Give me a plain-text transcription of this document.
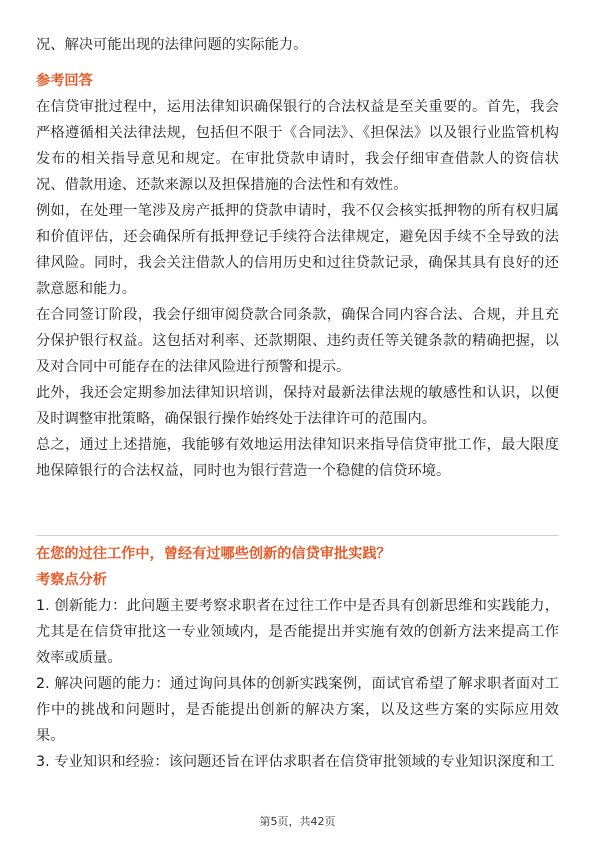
况、解决可能出现的法律问题的实际能力。

参考回答

在信贷审批过程中，运用法律知识确保银行的合法权益是至关重要的。首先，我会严格遵循相关法律法规，包括但不限于《合同法》、《担保法》以及银行业监管机构发布的相关指导意见和规定。在审批贷款申请时，我会仔细审查借款人的资信状况、借款用途、还款来源以及担保措施的合法性和有效性。

例如，在处理一笔涉及房产抵押的贷款申请时，我不仅会核实抵押物的所有权归属和价值评估，还会确保所有抵押登记手续符合法律规定，避免因手续不全导致的法律风险。同时，我会关注借款人的信用历史和过往贷款记录，确保其具有良好的还款意愿和能力。

在合同签订阶段，我会仔细审阅贷款合同条款，确保合同内容合法、合规，并且充分保护银行权益。这包括对利率、还款期限、违约责任等关键条款的精确把握，以及对合同中可能存在的法律风险进行预警和提示。

此外，我还会定期参加法律知识培训，保持对最新法律法规的敏感性和认识，以便及时调整审批策略，确保银行操作始终处于法律许可的范围内。

总之，通过上述措施，我能够有效地运用法律知识来指导信贷审批工作，最大限度地保障银行的合法权益，同时也为银行营造一个稳健的信贷环境。

在您的过往工作中，曾经有过哪些创新的信贷审批实践？

考察点分析

1. 创新能力：此问题主要考察求职者在过往工作中是否具有创新思维和实践能力，尤其是在信贷审批这一专业领域内，是否能提出并实施有效的创新方法来提高工作效率或质量。

2. 解决问题的能力：通过询问具体的创新实践案例，面试官希望了解求职者面对工作中的挑战和问题时，是否能提出创新的解决方案，以及这些方案的实际应用效果。

3. 专业知识和经验：该问题还旨在评估求职者在信贷审批领域的专业知识深度和工

第5页，共42页
